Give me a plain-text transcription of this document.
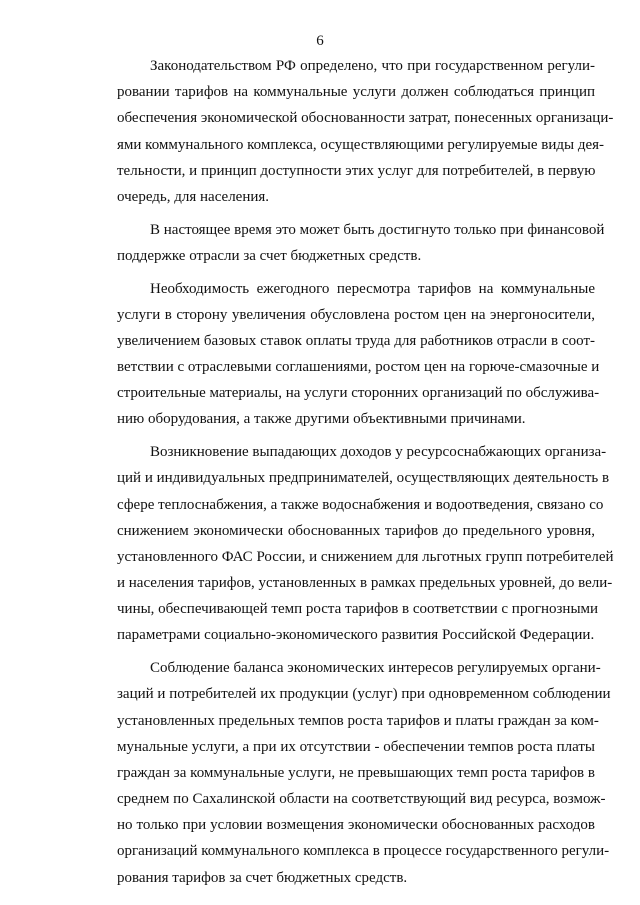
6
Законодательством РФ определено, что при государственном регули-
ровании тарифов на коммунальные услуги должен соблюдаться принцип
обеспечения экономической обоснованности затрат, понесенных организаци-
ями коммунального комплекса, осуществляющими регулируемые виды дея-
тельности, и принцип доступности этих услуг для потребителей, в первую
очередь, для населения.
В настоящее время это может быть достигнуто только при финансовой
поддержке отрасли за счет бюджетных средств.
Необходимость ежегодного пересмотра тарифов на коммунальные
услуги в сторону увеличения обусловлена ростом цен на энергоносители,
увеличением базовых ставок оплаты труда для работников отрасли в соот-
ветствии с отраслевыми соглашениями, ростом цен на горюче-смазочные и
строительные материалы, на услуги сторонних организаций по обслужива-
нию оборудования, а также другими объективными причинами.
Возникновение выпадающих доходов у ресурсоснабжающих организа-
ций и индивидуальных предпринимателей, осуществляющих деятельность в
сфере теплоснабжения, а также водоснабжения и водоотведения, связано со
снижением экономически обоснованных тарифов до предельного уровня,
установленного ФАС России, и снижением для льготных групп потребителей
и населения тарифов, установленных в рамках предельных уровней, до вели-
чины, обеспечивающей темп роста тарифов в соответствии с прогнозными
параметрами социально-экономического развития Российской Федерации.
Соблюдение баланса экономических интересов регулируемых органи-
заций и потребителей их продукции (услуг) при одновременном соблюдении
установленных предельных темпов роста тарифов и платы граждан за ком-
мунальные услуги, а при их отсутствии - обеспечении темпов роста платы
граждан за коммунальные услуги, не превышающих темп роста тарифов в
среднем по Сахалинской области на соответствующий вид ресурса, возмож-
но только при условии возмещения экономически обоснованных расходов
организаций коммунального комплекса в процессе государственного регули-
рования тарифов за счет бюджетных средств.
